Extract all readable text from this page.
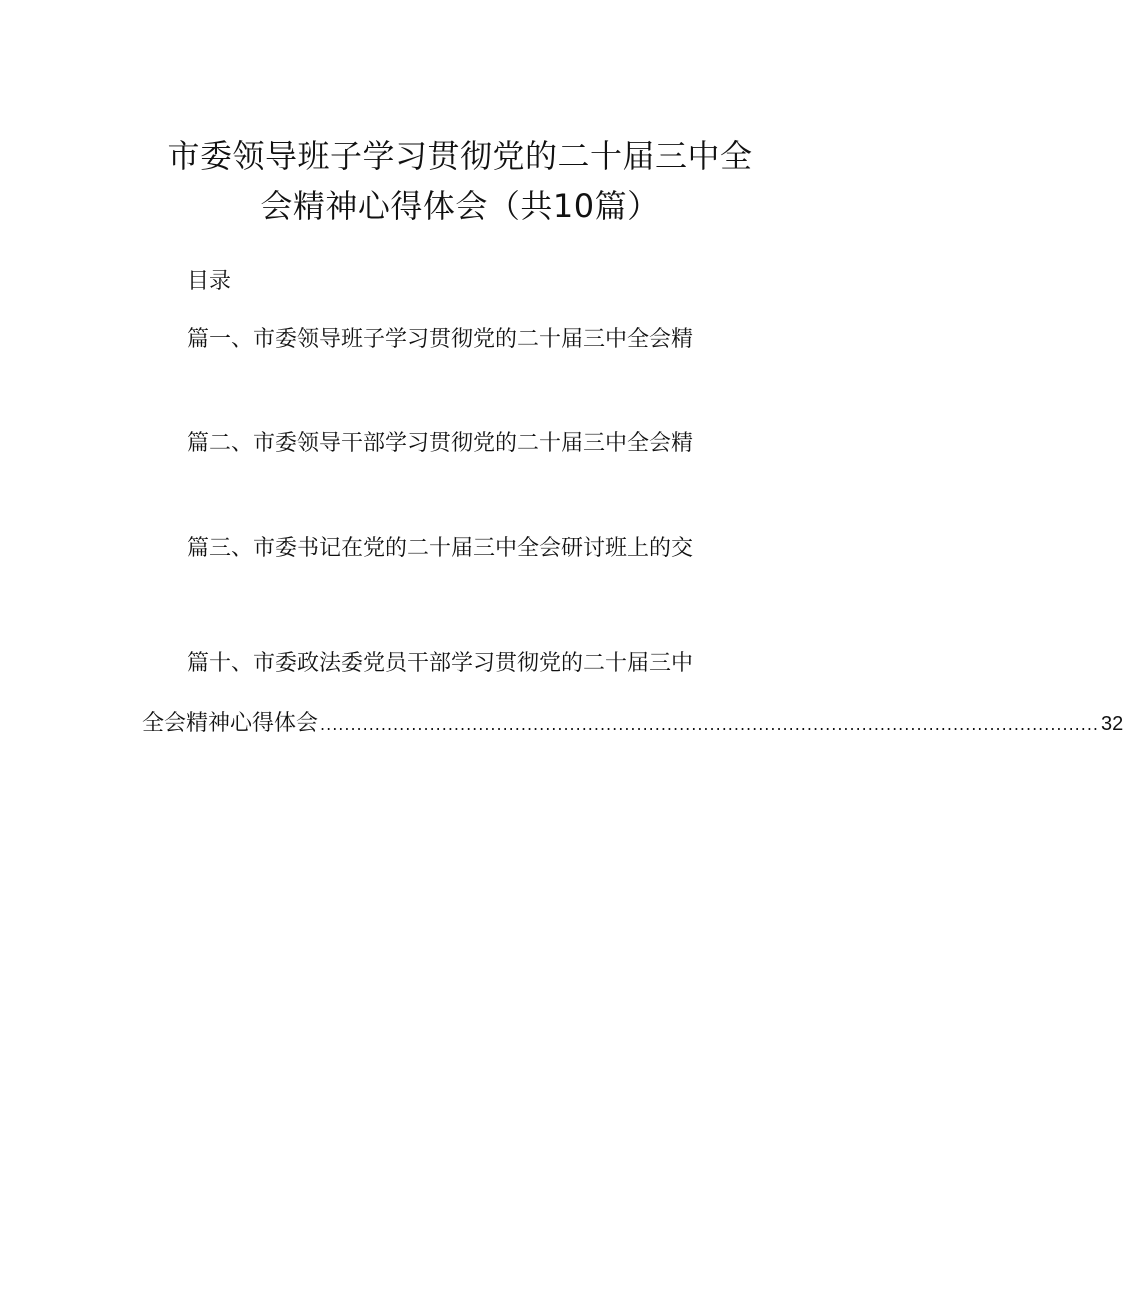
市委领导班子学习贯彻党的二十届三中全
会精神心得体会（共10篇）
目录
篇一、市委领导班子学习贯彻党的二十届三中全会精
篇二、市委领导干部学习贯彻党的二十届三中全会精
篇三、市委书记在党的二十届三中全会研讨班上的交
篇十、市委政法委党员干部学习贯彻党的二十届三中
全会精神心得体会 ................................................................................................................................ 32
